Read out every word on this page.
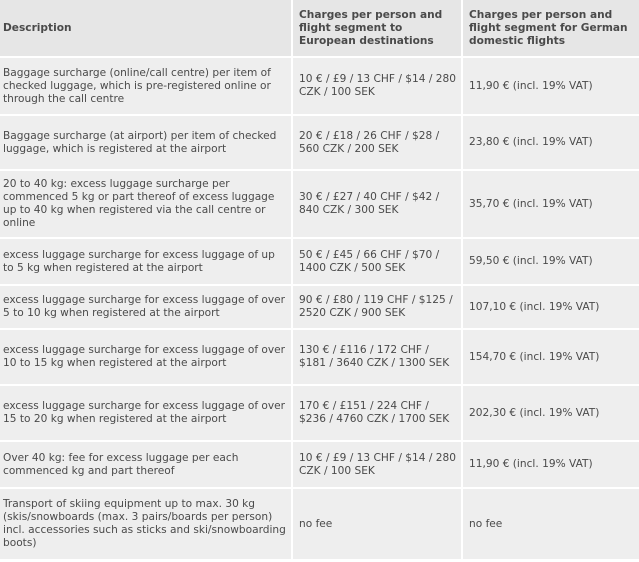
Description	Charges per person and flight segment to European destinations	Charges per person and flight segment for German domestic flights
Baggage surcharge (online/call centre) per item of checked luggage, which is pre-registered online or through the call centre	10 € / £9 / 13 CHF / $14 / 280 CZK / 100 SEK	11,90 € (incl. 19% VAT)
Baggage surcharge (at airport) per item of checked luggage, which is registered at the airport	20 € / £18 / 26 CHF / $28 / 560 CZK / 200 SEK	23,80 € (incl. 19% VAT)
20 to 40 kg: excess luggage surcharge per commenced 5 kg or part thereof of excess luggage up to 40 kg when registered via the call centre or online	30 € / £27 / 40 CHF / $42 / 840 CZK / 300 SEK	35,70 € (incl. 19% VAT)
excess luggage surcharge for excess luggage of up to 5 kg when registered at the airport	50 € / £45 / 66 CHF / $70 / 1400 CZK / 500 SEK	59,50 € (incl. 19% VAT)
excess luggage surcharge for excess luggage of over 5 to 10 kg when registered at the airport	90 € / £80 / 119 CHF / $125 / 2520 CZK / 900 SEK	107,10 € (incl. 19% VAT)
excess luggage surcharge for excess luggage of over 10 to 15 kg when registered at the airport	130 € / £116 / 172 CHF / $181 / 3640 CZK / 1300 SEK	154,70 € (incl. 19% VAT)
excess luggage surcharge for excess luggage of over 15 to 20 kg when registered at the airport	170 € / £151 / 224 CHF / $236 / 4760 CZK / 1700 SEK	202,30 € (incl. 19% VAT)
Over 40 kg: fee for excess luggage per each commenced kg and part thereof	10 € / £9 / 13 CHF / $14 / 280 CZK / 100 SEK	11,90 € (incl. 19% VAT)
Transport of skiing equipment up to max. 30 kg (skis/snowboards (max. 3 pairs/boards per person) incl. accessories such as sticks and ski/snowboarding boots)	no fee	no fee
